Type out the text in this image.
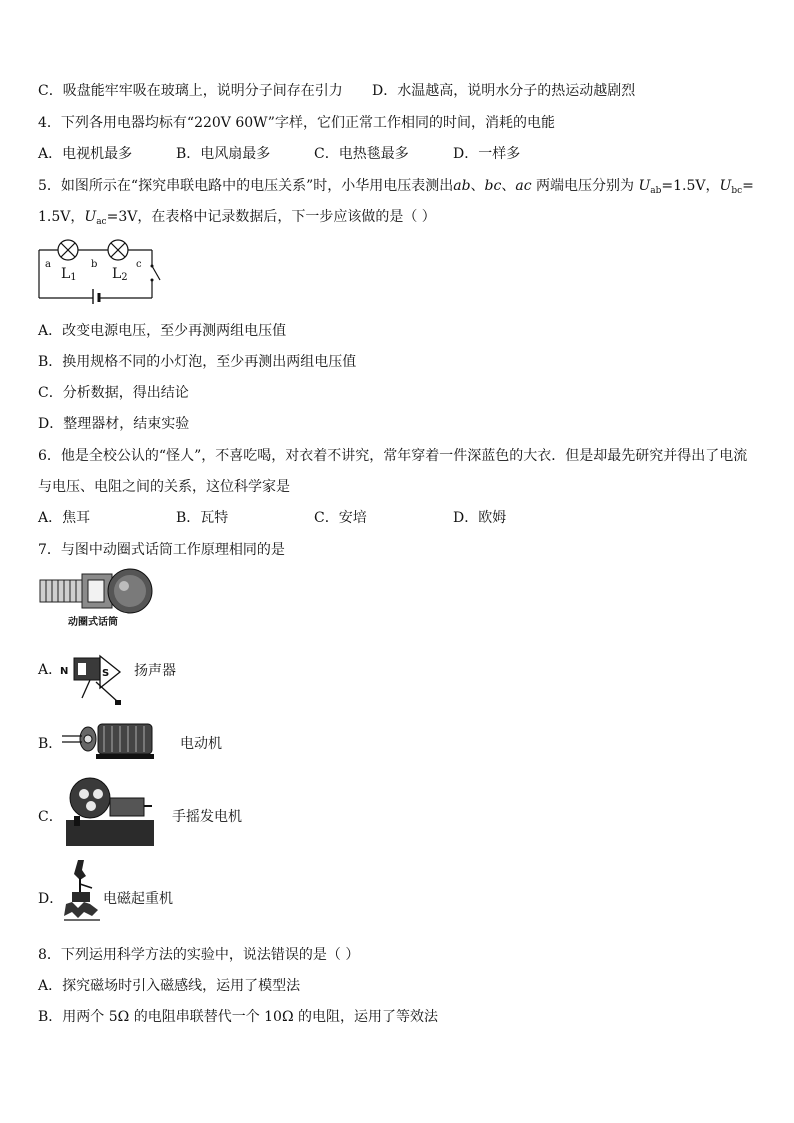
C．吸盘能牢牢吸在玻璃上，说明分子间存在引力 D．水温越高，说明水分子的热运动越剧烈
4．下列各用电器均标有“220V 60W”字样，它们正常工作相同的时间，消耗的电能
A．电视机最多	B．电风扇最多	C．电热毯最多	D．一样多
5．如图所示在“探究串联电路中的电压关系”时，小华用电压表测出ab、bc、ac 两端电压分别为 $U_{ab}=1.5V$，$U_{bc}=$
1.5V，$U_{ac}=3V$，在表格中记录数据后，下一步应该做的是（ ）
a	b	c
L1	L2
A．改变电源电压，至少再测两组电压值
B．换用规格不同的小灯泡，至少再测出两组电压值
C．分析数据，得出结论
D．整理器材，结束实验
6．他是全校公认的“怪人”，不喜吃喝，对衣着不讲究，常年穿着一件深蓝色的大衣．但是却最先研究并得出了电流
与电压、电阻之间的关系，这位科学家是
A．焦耳	B．瓦特	C．安培	D．欧姆
7．与图中动圈式话筒工作原理相同的是
动圈式话筒
A．
N	S 扬声器
B．	电动机
C．	手摇发电机
D．	电磁起重机
8．下列运用科学方法的实验中，说法错误的是（ ）
A．探究磁场时引入磁感线，运用了模型法
B．用两个 5Ω 的电阻串联替代一个 10Ω 的电阻，运用了等效法
